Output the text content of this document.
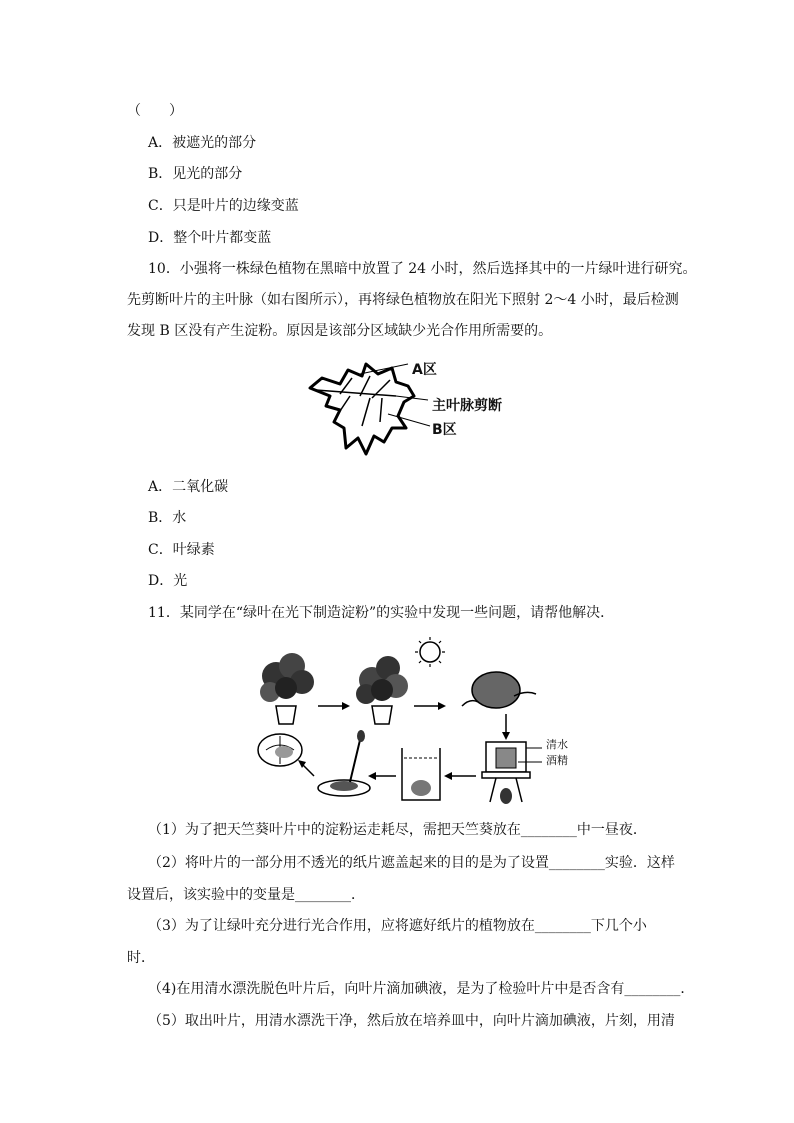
（　　）
A．被遮光的部分
B．见光的部分
C．只是叶片的边缘变蓝
D．整个叶片都变蓝
10．小强将一株绿色植物在黑暗中放置了 24 小时，然后选择其中的一片绿叶进行研究。
先剪断叶片的主叶脉（如右图所示），再将绿色植物放在阳光下照射 2～4 小时，最后检测
发现 B 区没有产生淀粉。原因是该部分区域缺少光合作用所需要的。
A区
主叶脉剪断
B区
A．二氧化碳
B．水
C．叶绿素
D．光
11．某同学在“绿叶在光下制造淀粉”的实验中发现一些问题，请帮他解决．
清水
酒精
（1）为了把天竺葵叶片中的淀粉运走耗尽，需把天竺葵放在________中一昼夜．
（2）将叶片的一部分用不透光的纸片遮盖起来的目的是为了设置________实验．这样
设置后，该实验中的变量是________．
（3）为了让绿叶充分进行光合作用，应将遮好纸片的植物放在________下几个小
时．
（4)在用清水漂洗脱色叶片后，向叶片滴加碘液，是为了检验叶片中是否含有________．
（5）取出叶片，用清水漂洗干净，然后放在培养皿中，向叶片滴加碘液，片刻，用清
